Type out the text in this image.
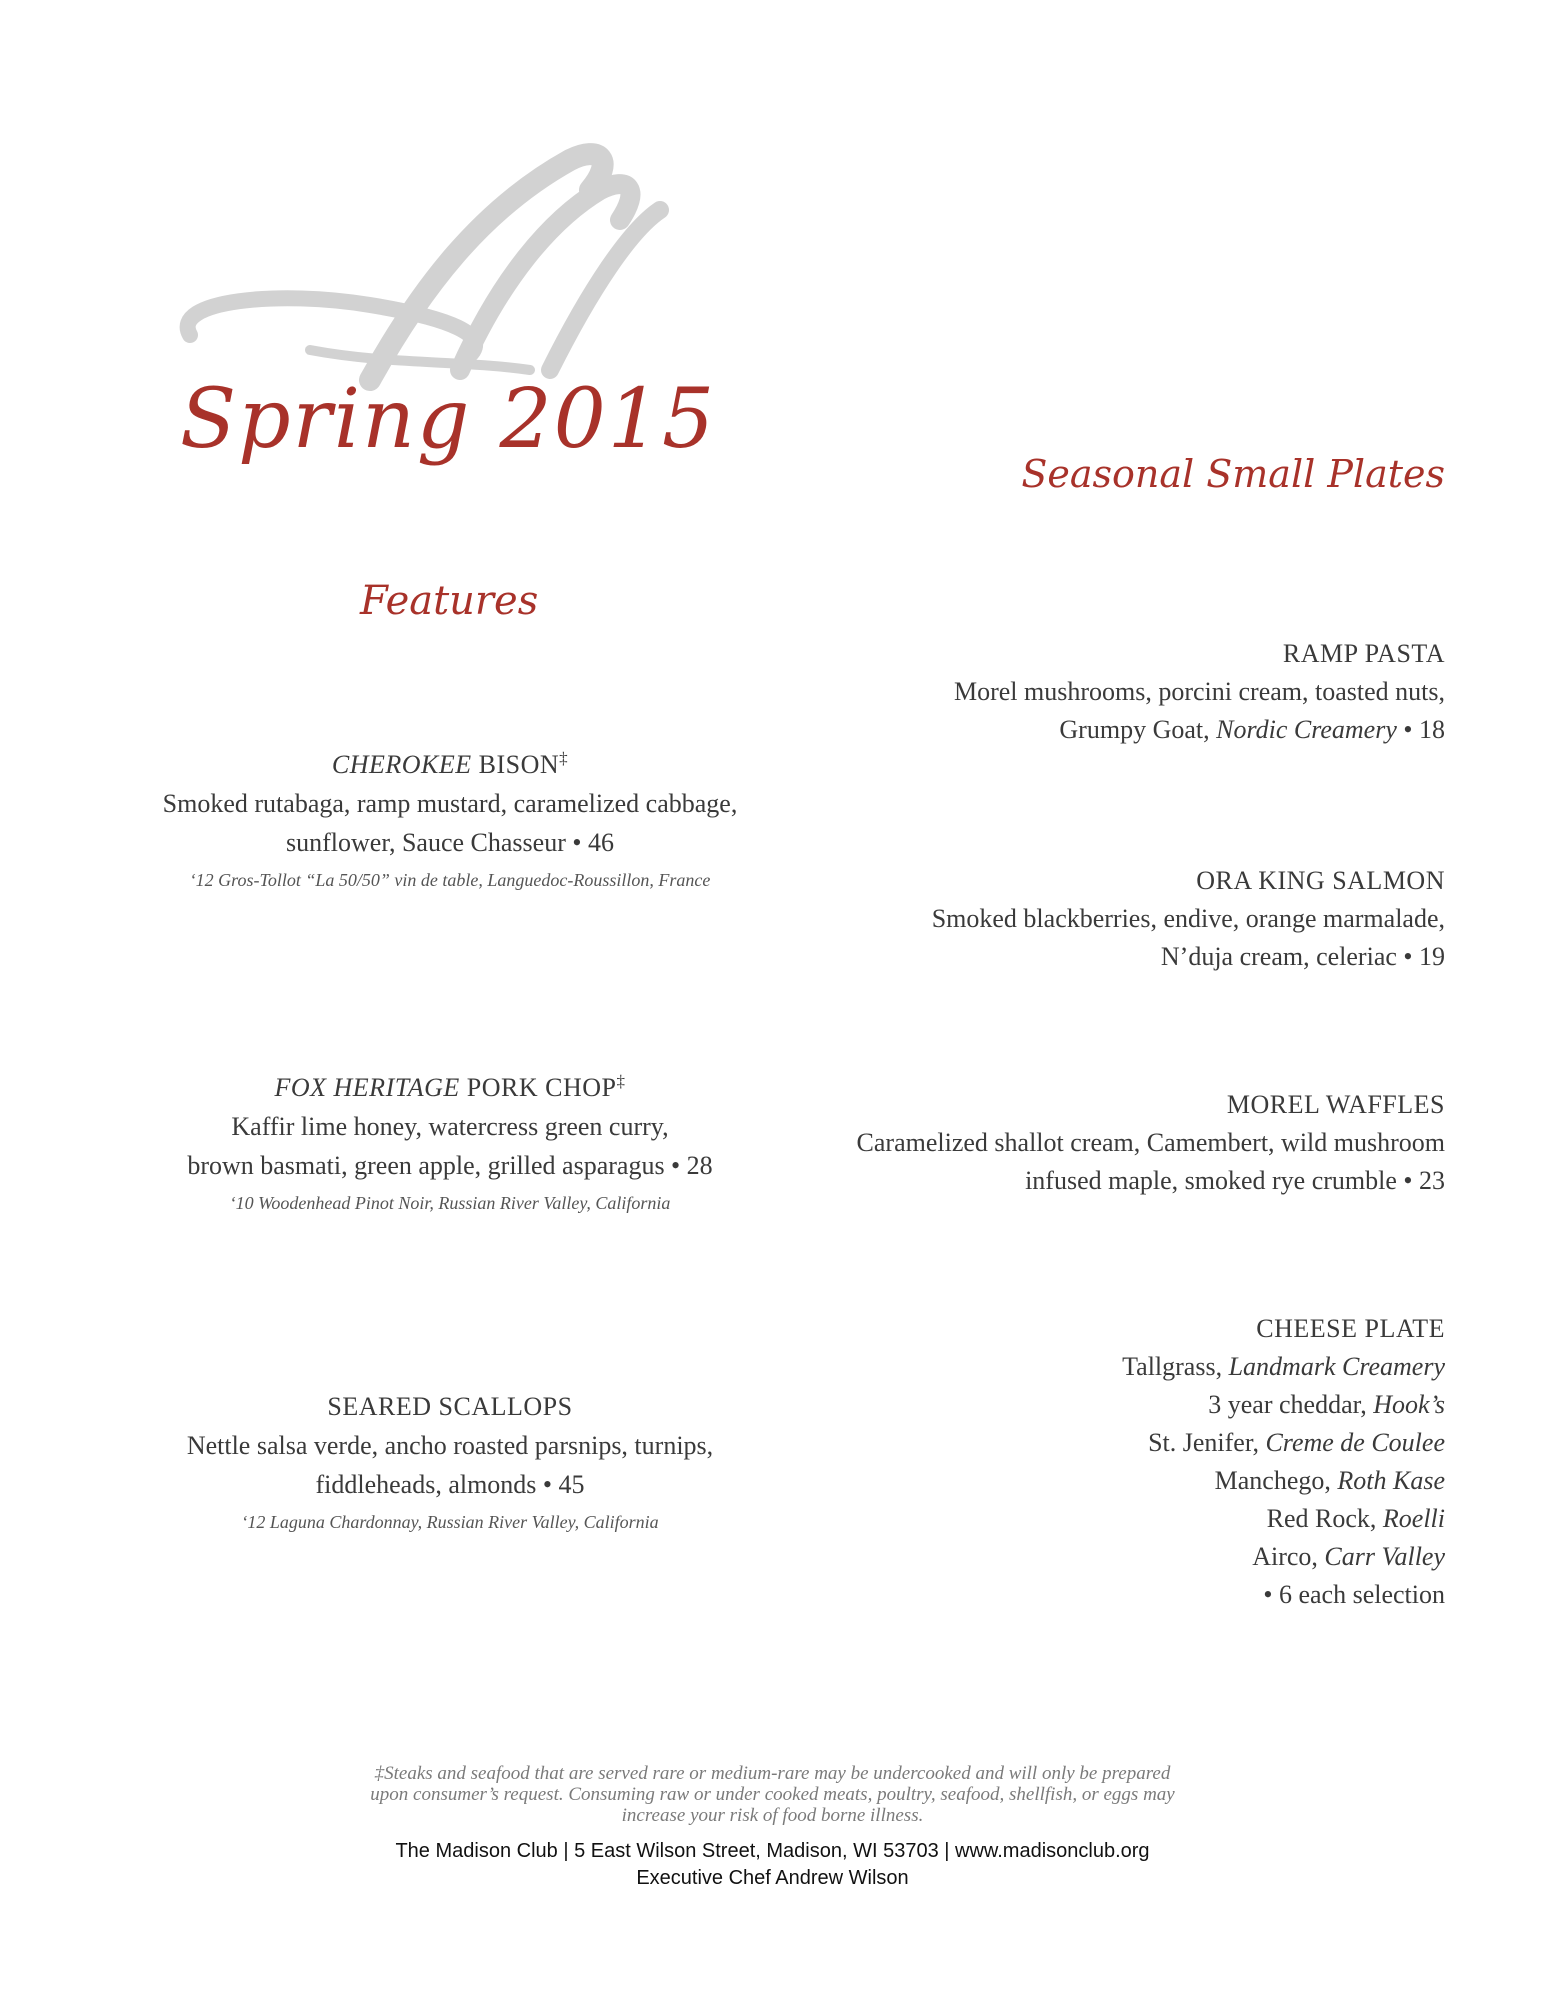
Spring 2015
Seasonal Small Plates
Features
CHEROKEE BISON‡
Smoked rutabaga, ramp mustard, caramelized cabbage,
sunflower, Sauce Chasseur • 46
‘12 Gros-Tollot “La 50/50” vin de table, Languedoc-Roussillon, France
FOX HERITAGE PORK CHOP‡
Kaffir lime honey, watercress green curry,
brown basmati, green apple, grilled asparagus • 28
‘10 Woodenhead Pinot Noir, Russian River Valley, California
SEARED SCALLOPS
Nettle salsa verde, ancho roasted parsnips, turnips,
fiddleheads, almonds • 45
‘12 Laguna Chardonnay, Russian River Valley, California
RAMP PASTA
Morel mushrooms, porcini cream, toasted nuts,
Grumpy Goat, Nordic Creamery • 18
ORA KING SALMON
Smoked blackberries, endive, orange marmalade,
N’duja cream, celeriac • 19
MOREL WAFFLES
Caramelized shallot cream, Camembert, wild mushroom
infused maple, smoked rye crumble • 23
CHEESE PLATE
Tallgrass, Landmark Creamery
3 year cheddar, Hook’s
St. Jenifer, Creme de Coulee
Manchego, Roth Kase
Red Rock, Roelli
Airco, Carr Valley
• 6 each selection
‡Steaks and seafood that are served rare or medium-rare may be undercooked and will only be prepared
upon consumer’s request. Consuming raw or under cooked meats, poultry, seafood, shellfish, or eggs may
increase your risk of food borne illness.
The Madison Club | 5 East Wilson Street, Madison, WI 53703 | www.madisonclub.org
Executive Chef Andrew Wilson
